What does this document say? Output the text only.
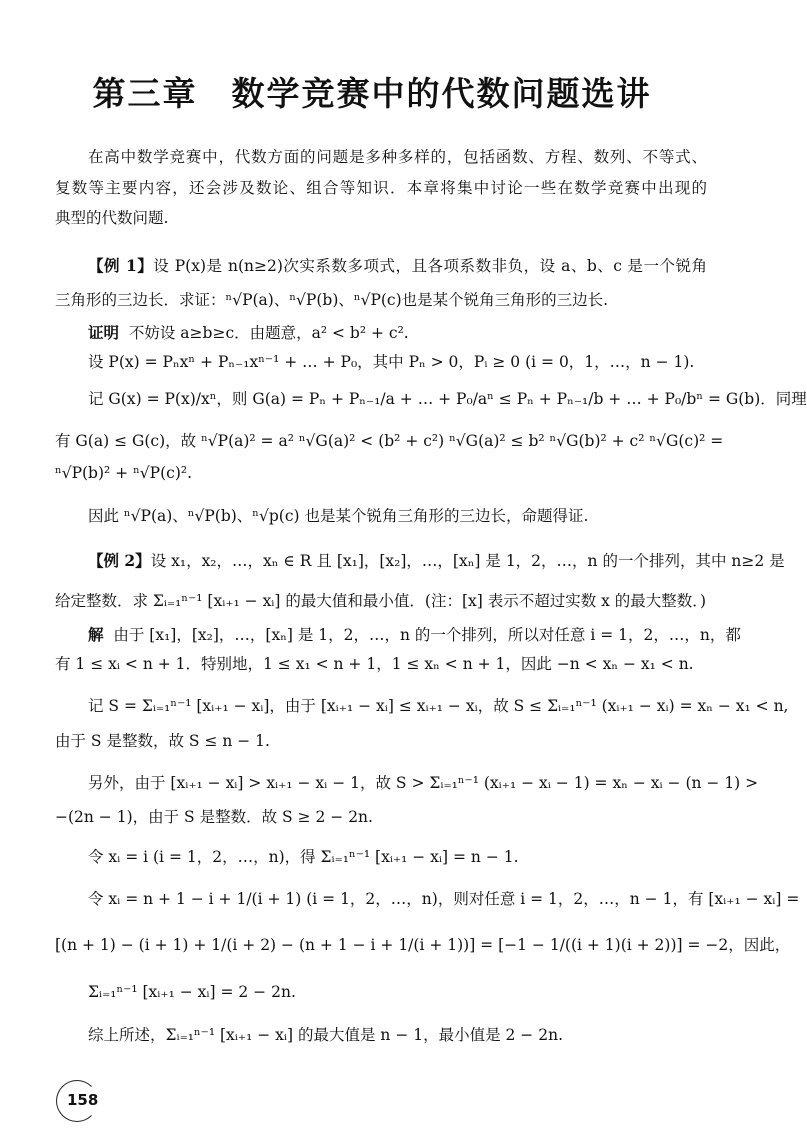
第三章 数学竞赛中的代数问题选讲
在高中数学竞赛中，代数方面的问题是多种多样的，包括函数、方程、数列、不等式、
复数等主要内容，还会涉及数论、组合等知识．本章将集中讨论一些在数学竞赛中出现的
典型的代数问题.
【例 1】设 P(x)是 n(n≥2)次实系数多项式，且各项系数非负，设 a、b、c 是一个锐角
三角形的三边长．求证：ⁿ√P(a)、ⁿ√P(b)、ⁿ√P(c)也是某个锐角三角形的三边长.
证明 不妨设 a≥b≥c．由题意，a² < b² + c².
设 P(x) = Pₙxⁿ + Pₙ₋₁xⁿ⁻¹ + … + P₀，其中 Pₙ > 0，Pᵢ ≥ 0 (i = 0，1，…，n − 1).
记 G(x) = P(x)/xⁿ，则 G(a) = Pₙ + Pₙ₋₁/a + … + P₀/aⁿ ≤ Pₙ + Pₙ₋₁/b + … + P₀/bⁿ = G(b)．同理
有 G(a) ≤ G(c)，故 ⁿ√P(a)² = a² ⁿ√G(a)² < (b² + c²) ⁿ√G(a)² ≤ b² ⁿ√G(b)² + c² ⁿ√G(c)² =
ⁿ√P(b)² + ⁿ√P(c)².
因此 ⁿ√P(a)、ⁿ√P(b)、ⁿ√p(c) 也是某个锐角三角形的三边长，命题得证.
【例 2】设 x₁，x₂，…，xₙ ∈ R 且 [x₁]，[x₂]，…，[xₙ] 是 1，2，…，n 的一个排列，其中 n≥2 是
给定整数．求 Σᵢ₌₁ⁿ⁻¹ [xᵢ₊₁ − xᵢ] 的最大值和最小值．(注：[x] 表示不超过实数 x 的最大整数．)
解 由于 [x₁]，[x₂]，…，[xₙ] 是 1，2，…，n 的一个排列，所以对任意 i = 1，2，…，n，都
有 1 ≤ xᵢ < n + 1．特别地，1 ≤ x₁ < n + 1，1 ≤ xₙ < n + 1，因此 −n < xₙ − x₁ < n.
记 S = Σᵢ₌₁ⁿ⁻¹ [xᵢ₊₁ − xᵢ]，由于 [xᵢ₊₁ − xᵢ] ≤ xᵢ₊₁ − xᵢ，故 S ≤ Σᵢ₌₁ⁿ⁻¹ (xᵢ₊₁ − xᵢ) = xₙ − x₁ < n,
由于 S 是整数，故 S ≤ n − 1.
另外，由于 [xᵢ₊₁ − xᵢ] > xᵢ₊₁ − xᵢ − 1，故 S > Σᵢ₌₁ⁿ⁻¹ (xᵢ₊₁ − xᵢ − 1) = xₙ − xᵢ − (n − 1) >
−(2n − 1)，由于 S 是整数．故 S ≥ 2 − 2n.
令 xᵢ = i (i = 1，2，…，n)，得 Σᵢ₌₁ⁿ⁻¹ [xᵢ₊₁ − xᵢ] = n − 1.
令 xᵢ = n + 1 − i + 1/(i + 1) (i = 1，2，…，n)，则对任意 i = 1，2，…，n − 1，有 [xᵢ₊₁ − xᵢ] =
[(n + 1) − (i + 1) + 1/(i + 2) − (n + 1 − i + 1/(i + 1))] = [−1 − 1/((i + 1)(i + 2))] = −2，因此，
Σᵢ₌₁ⁿ⁻¹ [xᵢ₊₁ − xᵢ] = 2 − 2n.
综上所述，Σᵢ₌₁ⁿ⁻¹ [xᵢ₊₁ − xᵢ] 的最大值是 n − 1，最小值是 2 − 2n.
158
